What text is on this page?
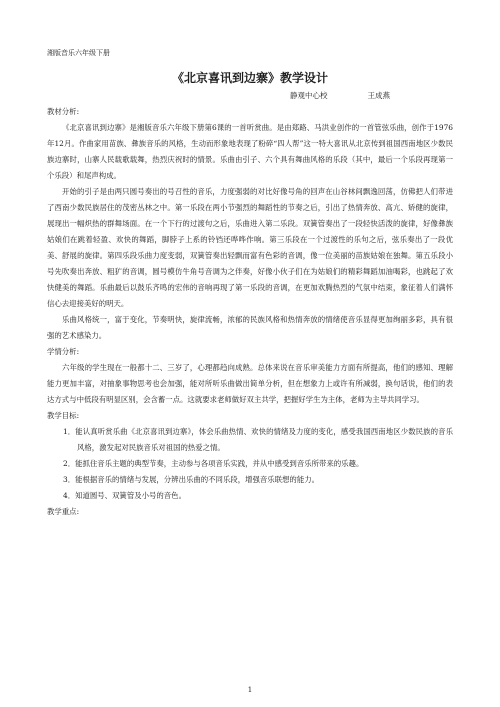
湘版音乐六年级下册
《北京喜讯到边寨》教学设计
静观中心校	王成燕

教材分析:

《北京喜讯到边寨》是湘版音乐六年级下册第6课的一首听赏曲。是由郑路、马洪业创作的一首管弦乐曲，创作于1976年12月。作曲家用苗族、彝族音乐的风格，生动而形象地表现了粉碎“四人帮”这一特大喜讯从北京传到祖国西南地区少数民族边寨时，山寨人民载歌载舞，热烈庆祝时的情景。乐曲由引子、六个具有舞曲风格的乐段（其中，最后一个乐段再现第一个乐段）和尾声构成。

开始的引子是由两只圆号奏出的号召性的音乐，力度强弱的对比好像号角的回声在山谷林间飘逸回荡，仿佛把人们带进了西南少数民族居住的茂密丛林之中。第一乐段在两小节强烈的舞蹈性的节奏之后，引出了热情奔放、高亢、矫健的旋律，展现出一幅炽热的群舞场面。在一个下行的过渡句之后，乐曲进入第二乐段。双簧管奏出了一段轻快活泼的旋律，好像彝族姑娘们在跳着轻盈、欢快的舞蹈，脚脖子上系的铃铛还哗哗作响。第三乐段在一个过渡性的乐句之后，弦乐奏出了一段优美、舒展的旋律。第四乐段乐曲力度变弱，双簧管奏出轻飘而富有色彩的音调，像一位美丽的苗族姑娘在独舞。第五乐段小号先吹奏出奔放、粗犷的音调，圆号模仿牛角号音调为之伴奏，好像小伙子们在为姑娘们的精彩舞蹈加油喝彩，也跳起了欢快健美的舞蹈。乐曲最后以鼓乐齐鸣的宏伟的音响再现了第一乐段的音调，在更加欢腾热烈的气氛中结束，象征着人们满怀信心去迎接美好的明天。

乐曲风格统一，富于变化，节奏明快，旋律流畅，浓郁的民族风格和热情奔放的情绪使音乐显得更加绚丽多彩，具有很强的艺术感染力。

学情分析:

六年级的学生现在一般都十二、三岁了，心理都趋向成熟。总体来说在音乐审美能力方面有所提高，他们的感知、理解能力更加丰富，对抽象事物思考也会加强，能对所听乐曲做出简单分析，但在想象力上或许有所减弱，换句话说，他们的表达方式与中低段有明显区别，会含蓄一点。这就要求老师做好双主共学，把握好学生为主体，老师为主导共同学习。

教学目标:

1．能认真听赏乐曲《北京喜讯到边寨》，体会乐曲热情、欢快的情绪及力度的变化，感受我国西南地区少数民族的音乐风格，激发起对民族音乐对祖国的热爱之情。
2．能抓住音乐主题的典型节奏，主动参与各项音乐实践，并从中感受到音乐所带来的乐趣。
3．能根据音乐的情绪与发展，分辨出乐曲的不同乐段，增强音乐联想的能力。
4．知道圆号、双簧管及小号的音色。

教学重点:

1
